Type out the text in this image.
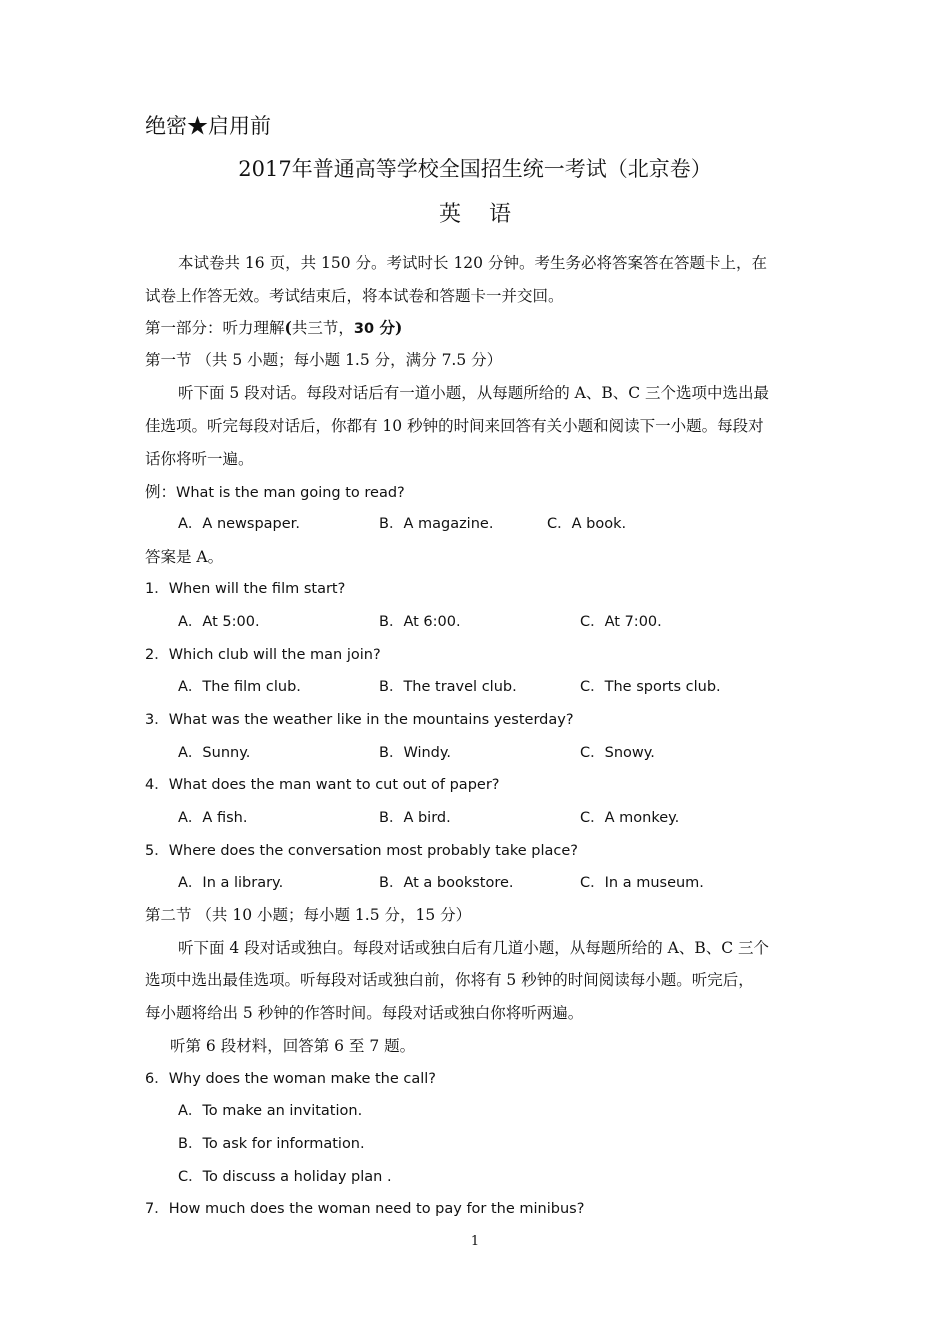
绝密★启用前
2017年普通高等学校全国招生统一考试（北京卷）
英语
本试卷共 16 页，共 150 分。考试时长 120 分钟。考生务必将答案答在答题卡上，在
试卷上作答无效。考试结束后，将本试卷和答题卡一并交回。
第一部分：听力理解(共三节，30 分)
第一节 （共 5 小题；每小题 1.5 分，满分 7.5 分）
听下面 5 段对话。每段对话后有一道小题，从每题所给的 A、B、C 三个选项中选出最
佳选项。听完每段对话后，你都有 10 秒钟的时间来回答有关小题和阅读下一小题。每段对
话你将听一遍。
例：What is the man going to read?
A．A newspaper.	B．A magazine.	C．A book.
答案是 A。
1．When will the film start?
A．At 5:00.	B．At 6:00.	C．At 7:00.
2．Which club will the man join?
A．The film club.	B．The travel club.	C．The sports club.
3．What was the weather like in the mountains yesterday?
A．Sunny.	B．Windy.	C．Snowy.
4．What does the man want to cut out of paper?
A．A fish.	B．A bird.	C．A monkey.
5．Where does the conversation most probably take place?
A．In a library.	B．At a bookstore.	C．In a museum.
第二节 （共 10 小题；每小题 1.5 分，15 分）
听下面 4 段对话或独白。每段对话或独白后有几道小题，从每题所给的 A、B、C 三个
选项中选出最佳选项。听每段对话或独白前，你将有 5 秒钟的时间阅读每小题。听完后，
每小题将给出 5 秒钟的作答时间。每段对话或独白你将听两遍。
听第 6 段材料，回答第 6 至 7 题。
6．Why does the woman make the call?
A．To make an invitation.
B．To ask for information.
C．To discuss a holiday plan .
7．How much does the woman need to pay for the minibus?
1
